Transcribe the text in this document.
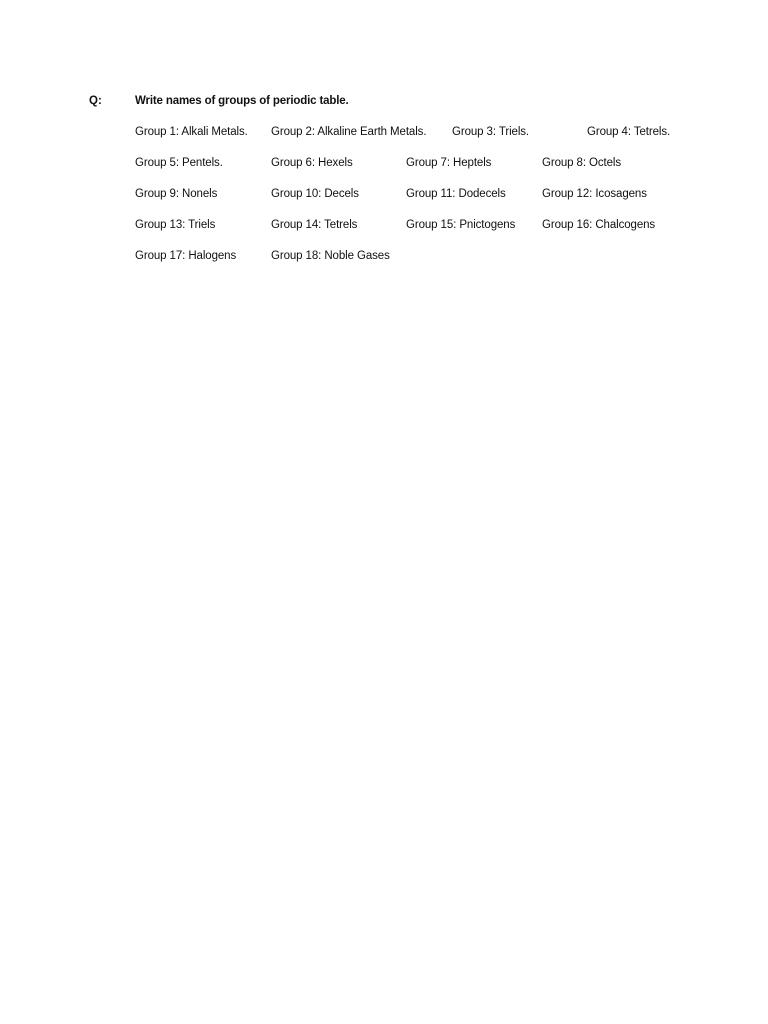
Q:	Write names of groups of periodic table.
Group 1: Alkali Metals. Group 2: Alkaline Earth Metals. Group 3: Triels.	Group 4: Tetrels.
Group 5: Pentels.	Group 6: Hexels	Group 7: Heptels	Group 8: Octels
Group 9: Nonels	Group 10: Decels	Group 11: Dodecels	Group 12: Icosagens
Group 13: Triels	Group 14: Tetrels	Group 15: Pnictogens Group 16: Chalcogens
Group 17: Halogens	Group 18: Noble Gases
